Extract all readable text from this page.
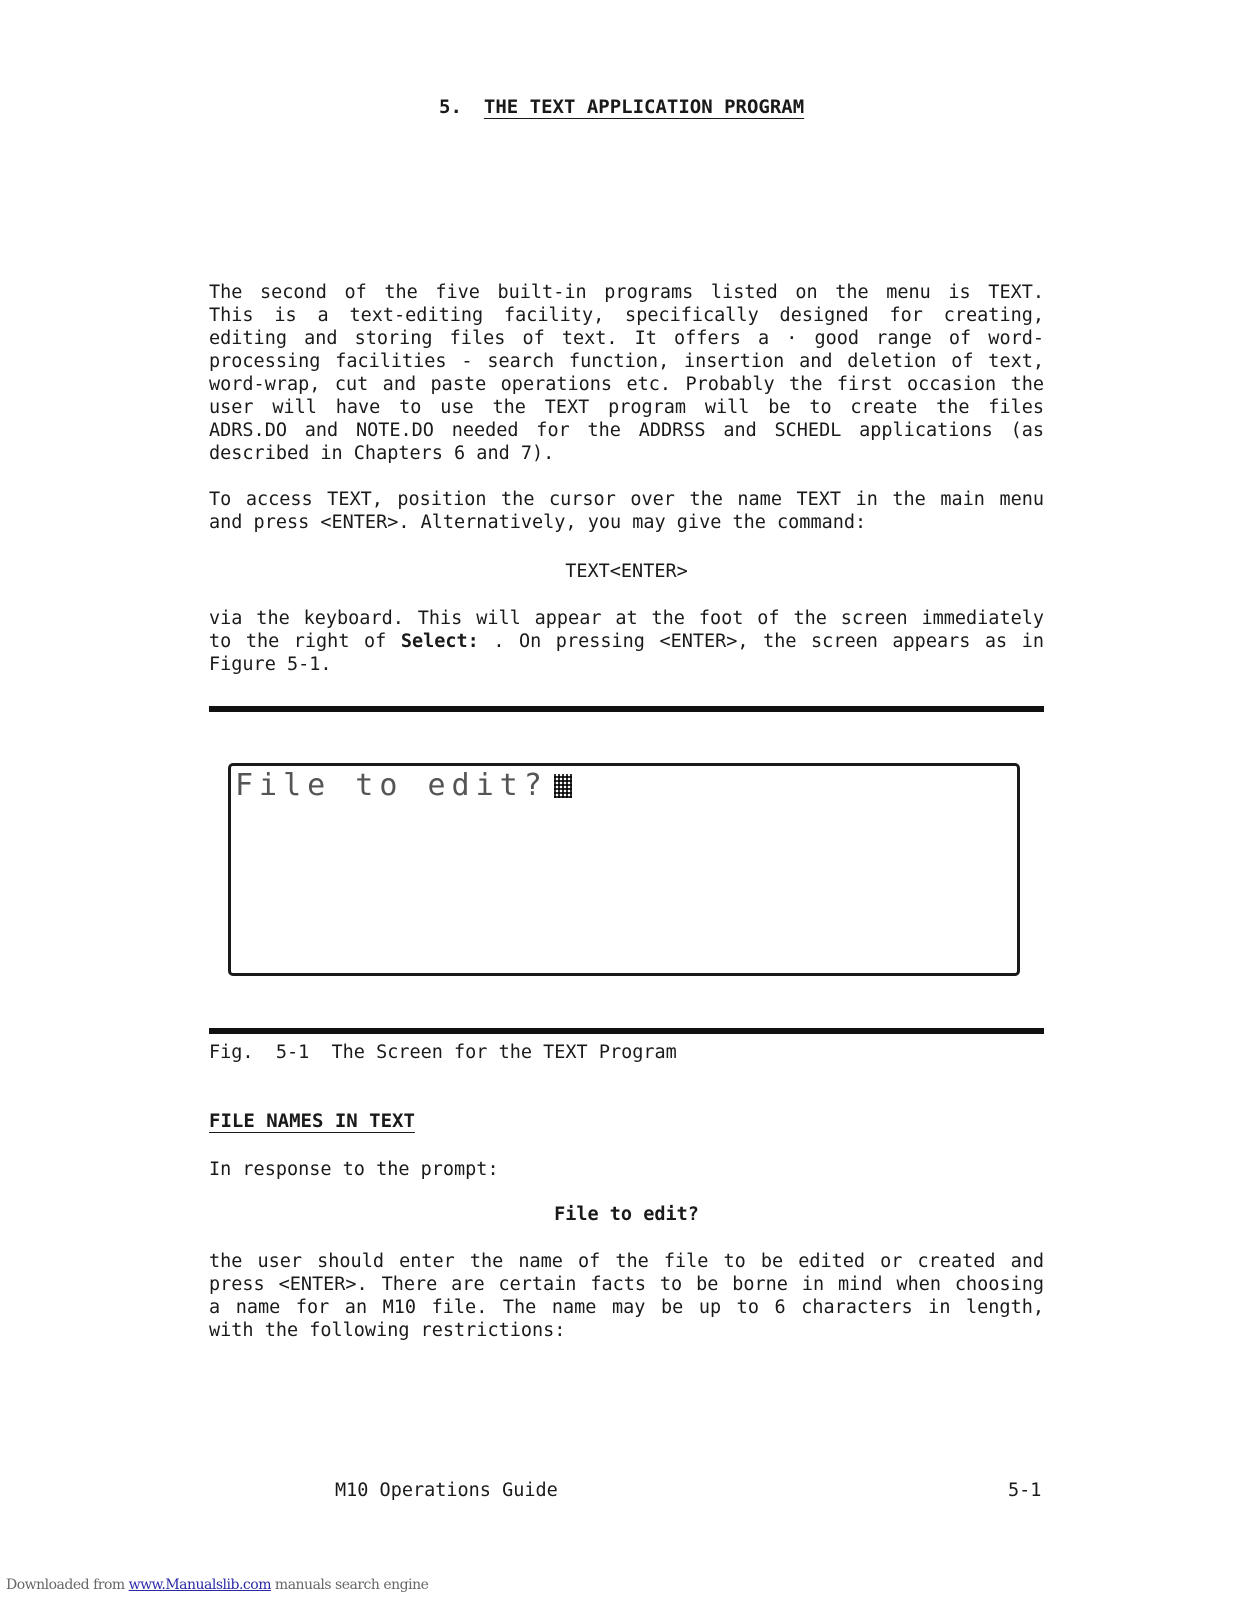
5. THE TEXT APPLICATION PROGRAM
The second of the five built-in programs listed on the menu is TEXT.
This is a text-editing facility, specifically designed for creating,
editing and storing files of text. It offers a · good range of word-
processing facilities - search function, insertion and deletion of text,
word-wrap, cut and paste operations etc. Probably the first occasion the
user will have to use the TEXT program will be to create the files
ADRS.DO and NOTE.DO needed for the ADDRSS and SCHEDL applications (as
described in Chapters 6 and 7).
To access TEXT, position the cursor over the name TEXT in the main menu
and press <ENTER>. Alternatively, you may give the command:
TEXT<ENTER>
via the keyboard. This will appear at the foot of the screen immediately
to the right of Select: . On pressing <ENTER>, the screen appears as in
Figure 5-1.
File to edit?
Fig.  5-1  The Screen for the TEXT Program
FILE NAMES IN TEXT
In response to the prompt:
File to edit?
the user should enter the name of the file to be edited or created and
press <ENTER>. There are certain facts to be borne in mind when choosing
a name for an M10 file. The name may be up to 6 characters in length,
with the following restrictions:
M10 Operations Guide	5-1
Downloaded from www.Manualslib.com manuals search engine
